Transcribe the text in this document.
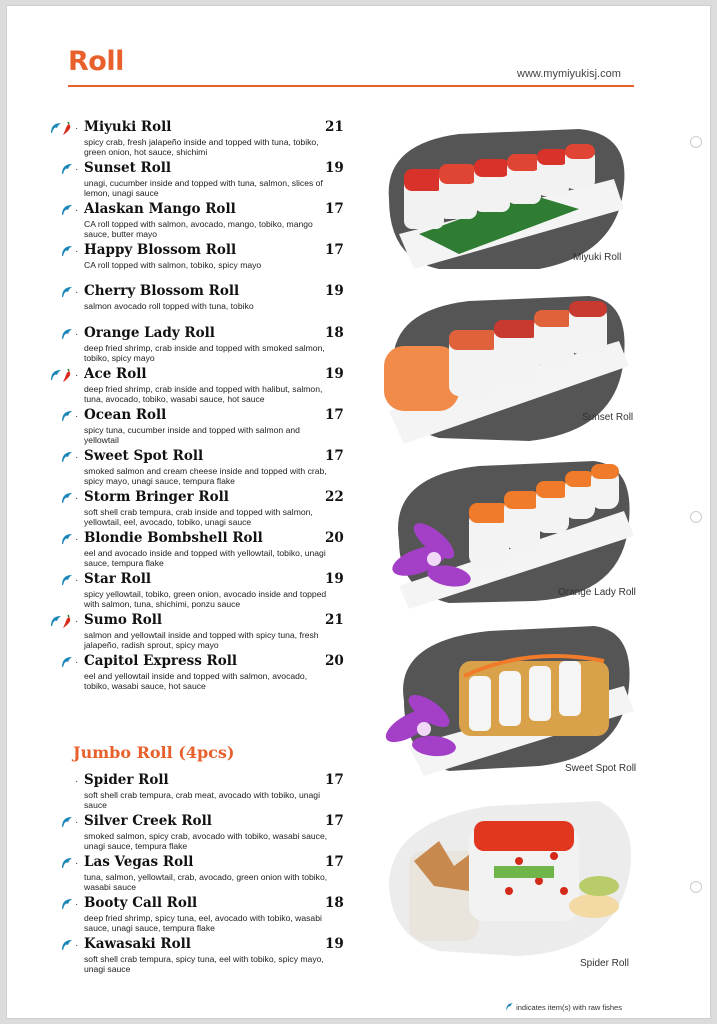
Roll	www.mymiyukisj.com
· Miyuki Roll	21
spicy crab, fresh jalapeño inside and topped with tuna, tobiko, green onion, hot sauce, shichimi
· Sunset Roll	19
unagi, cucumber inside and topped with tuna, salmon, slices of lemon, unagi sauce
· Alaskan Mango Roll	17
CA roll topped with salmon, avocado, mango, tobiko, mango sauce, butter mayo
· Happy Blossom Roll	17
CA roll topped with salmon, tobiko, spicy mayo
· Cherry Blossom Roll	19
salmon avocado roll topped with tuna, tobiko
· Orange Lady Roll	18
deep fried shrimp, crab inside and topped with smoked salmon, tobiko, spicy mayo
· Ace Roll	19
deep fried shrimp, crab inside and topped with halibut, salmon, tuna, avocado, tobiko, wasabi sauce, hot sauce
· Ocean Roll	17
spicy tuna, cucumber inside and topped with salmon and yellowtail
· Sweet Spot Roll	17
smoked salmon and cream cheese inside and topped with crab, spicy mayo, unagi sauce, tempura flake
· Storm Bringer Roll	22
soft shell crab tempura, crab inside and topped with salmon, yellowtail, eel, avocado, tobiko, unagi sauce
· Blondie Bombshell Roll	20
eel and avocado inside and topped with yellowtail, tobiko, unagi sauce, tempura flake
· Star Roll	19
spicy yellowtail, tobiko, green onion, avocado inside and topped with salmon, tuna, shichimi, ponzu sauce
· Sumo Roll	21
salmon and yellowtail inside and topped with spicy tuna, fresh jalapeño, radish sprout, spicy mayo
· Capitol Express Roll	20
eel and yellowtail inside and topped with salmon, avocado, tobiko, wasabi sauce, hot sauce
Jumbo Roll (4pcs)
· Spider Roll	17
soft shell crab tempura, crab meat, avocado with tobiko, unagi sauce
· Silver Creek Roll	17
smoked salmon, spicy crab, avocado with tobiko, wasabi sauce, unagi sauce, tempura flake
· Las Vegas Roll	17
tuna, salmon, yellowtail, crab, avocado, green onion with tobiko, wasabi sauce
· Booty Call Roll	18
deep fried shrimp, spicy tuna, eel, avocado with tobiko, wasabi sauce, unagi sauce, tempura flake
· Kawasaki Roll	19
soft shell crab tempura, spicy tuna, eel with tobiko, spicy mayo, unagi sauce
Miyuki Roll
Sunset Roll
Orange Lady Roll
Sweet Spot Roll
Spider Roll
indicates item(s) with raw fishes
